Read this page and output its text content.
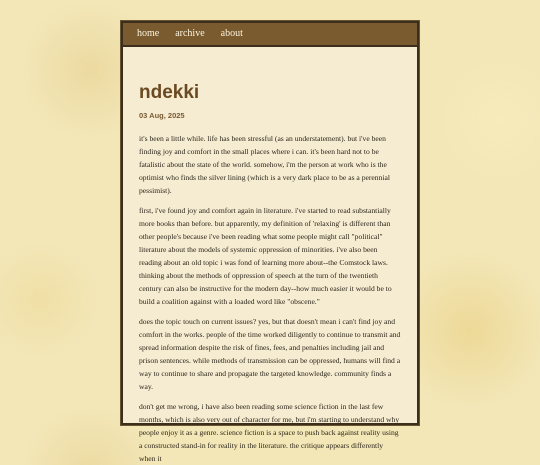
home archive about
ndekki
03 Aug, 2025

it's been a little while. life has been stressful (as an understatement). but i've been finding joy and comfort in the small places where i can. it's been hard not to be fatalistic about the state of the world. somehow, i'm the person at work who is the optimist who finds the silver lining (which is a very dark place to be as a perennial pessimist).

first, i've found joy and comfort again in literature. i've started to read substantially more books than before. but apparently, my definition of 'relaxing' is different than other people's because i've been reading what some people might call "political" literature about the models of systemic oppression of minorities. i've also been reading about an old topic i was fond of learning more about--the Comstock laws. thinking about the methods of oppression of speech at the turn of the twentieth century can also be instructive for the modern day--how much easier it would be to build a coalition against with a loaded word like "obscene."

does the topic touch on current issues? yes, but that doesn't mean i can't find joy and comfort in the works. people of the time worked diligently to continue to transmit and spread information despite the risk of fines, fees, and penalties including jail and prison sentences. while methods of transmission can be oppressed, humans will find a way to continue to share and propagate the targeted knowledge. community finds a way.

don't get me wrong, i have also been reading some science fiction in the last few months, which is also very out of character for me, but i'm starting to understand why people enjoy it as a genre. science fiction is a space to push back against reality using a constructed stand-in for reality in the literature. the critique appears differently when it
